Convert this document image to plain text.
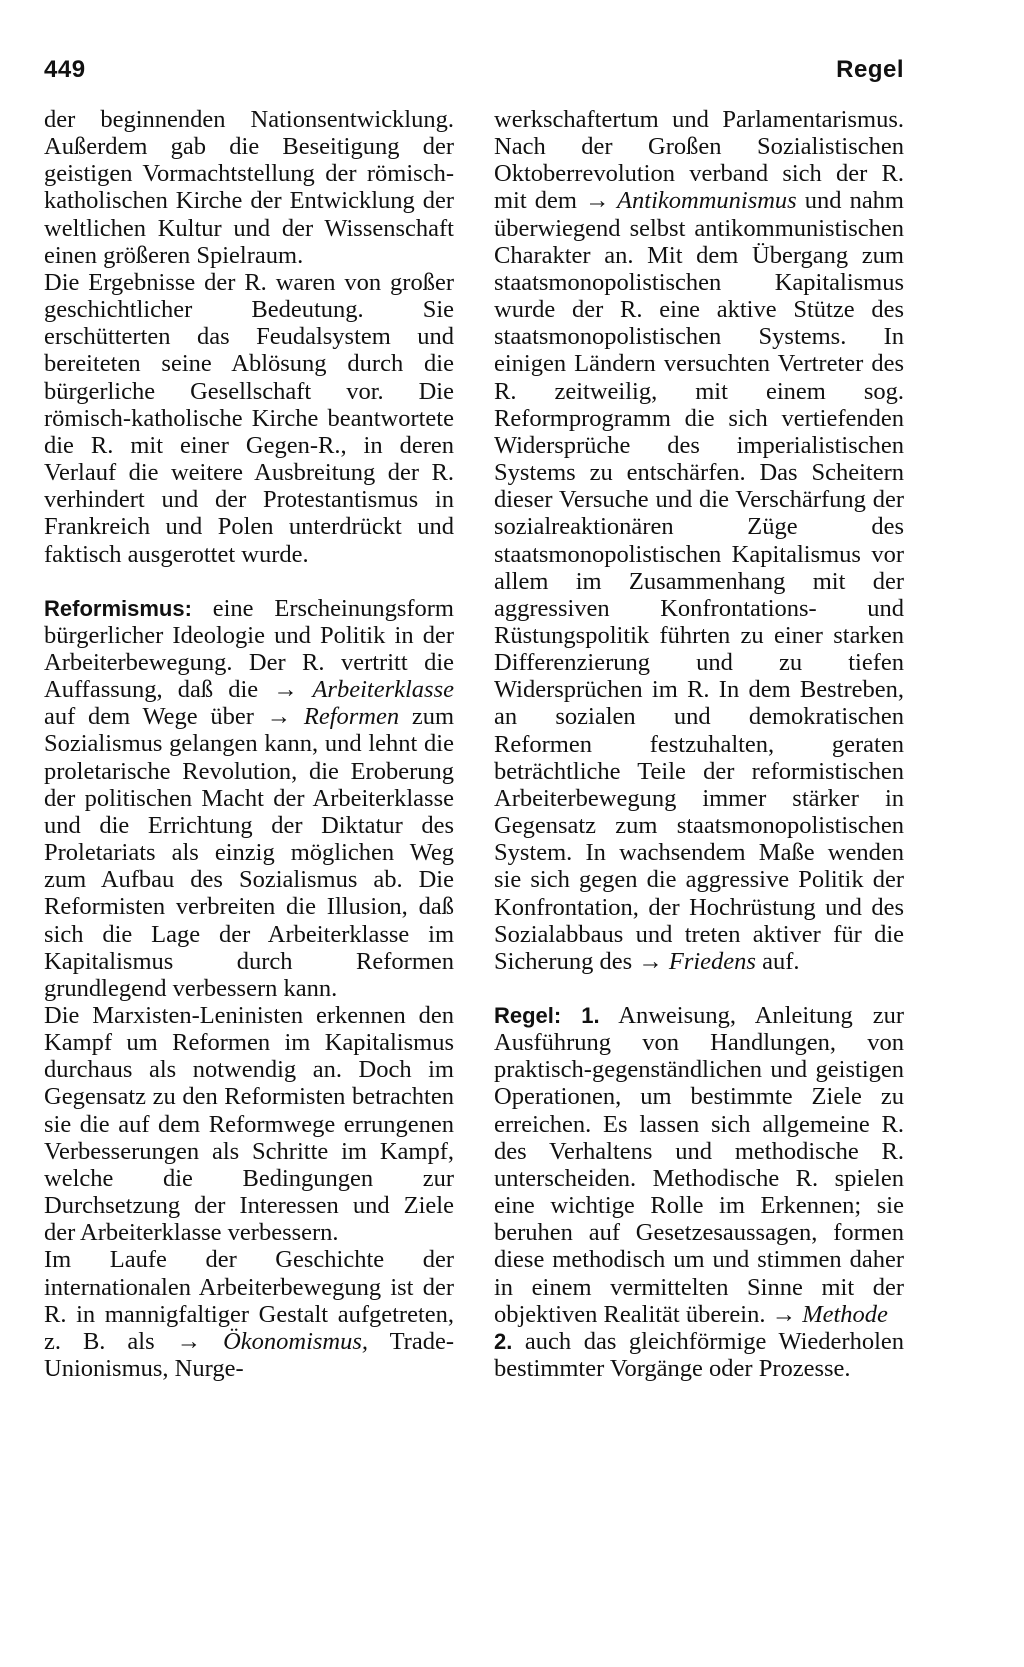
449	Regel

der beginnenden Nationsentwicklung. Außerdem gab die Beseitigung der geistigen Vormachtstellung der römisch-katholischen Kirche der Entwicklung der weltlichen Kultur und der Wissenschaft einen größeren Spielraum.

Die Ergebnisse der R. waren von großer geschichtlicher Bedeutung. Sie erschütterten das Feudalsystem und bereiteten seine Ablösung durch die bürgerliche Gesellschaft vor. Die römisch-katholische Kirche beantwortete die R. mit einer Gegen-R., in deren Verlauf die weitere Ausbreitung der R. verhindert und der Protestantismus in Frankreich und Polen unterdrückt und faktisch ausgerottet wurde.

Reformismus: eine Erscheinungsform bürgerlicher Ideologie und Politik in der Arbeiterbewegung. Der R. vertritt die Auffassung, daß die → Arbeiterklasse auf dem Wege über → Reformen zum Sozialismus gelangen kann, und lehnt die proletarische Revolution, die Eroberung der politischen Macht der Arbeiterklasse und die Errichtung der Diktatur des Proletariats als einzig möglichen Weg zum Aufbau des Sozialismus ab. Die Reformisten verbreiten die Illusion, daß sich die Lage der Arbeiterklasse im Kapitalismus durch Reformen grundlegend verbessern kann.

Die Marxisten-Leninisten erkennen den Kampf um Reformen im Kapitalismus durchaus als notwendig an. Doch im Gegensatz zu den Reformisten betrachten sie die auf dem Reformwege errungenen Verbesserungen als Schritte im Kampf, welche die Bedingungen zur Durchsetzung der Interessen und Ziele der Arbeiterklasse verbessern.

Im Laufe der Geschichte der internationalen Arbeiterbewegung ist der R. in mannigfaltiger Gestalt aufgetreten, z. B. als → Ökonomismus, Trade-Unionismus, Nurge-

werkschaftertum und Parlamentarismus. Nach der Großen Sozialistischen Oktoberrevolution verband sich der R. mit dem → Antikommunismus und nahm überwiegend selbst antikommunistischen Charakter an. Mit dem Übergang zum staatsmonopolistischen Kapitalismus wurde der R. eine aktive Stütze des staatsmonopolistischen Systems. In einigen Ländern versuchten Vertreter des R. zeitweilig, mit einem sog. Reformprogramm die sich vertiefenden Widersprüche des imperialistischen Systems zu entschärfen. Das Scheitern dieser Versuche und die Verschärfung der sozialreaktionären Züge des staatsmonopolistischen Kapitalismus vor allem im Zusammenhang mit der aggressiven Konfrontations- und Rüstungspolitik führten zu einer starken Differenzierung und zu tiefen Widersprüchen im R. In dem Bestreben, an sozialen und demokratischen Reformen festzuhalten, geraten beträchtliche Teile der reformistischen Arbeiterbewegung immer stärker in Gegensatz zum staatsmonopolistischen System. In wachsendem Maße wenden sie sich gegen die aggressive Politik der Konfrontation, der Hochrüstung und des Sozialabbaus und treten aktiver für die Sicherung des → Friedens auf.

Regel: 1. Anweisung, Anleitung zur Ausführung von Handlungen, von praktisch-gegenständlichen und geistigen Operationen, um bestimmte Ziele zu erreichen. Es lassen sich allgemeine R. des Verhaltens und methodische R. unterscheiden. Methodische R. spielen eine wichtige Rolle im Erkennen; sie beruhen auf Gesetzesaussagen, formen diese methodisch um und stimmen daher in einem vermittelten Sinne mit der objektiven Realität überein. → Methode

2. auch das gleichförmige Wiederholen bestimmter Vorgänge oder Prozesse.
